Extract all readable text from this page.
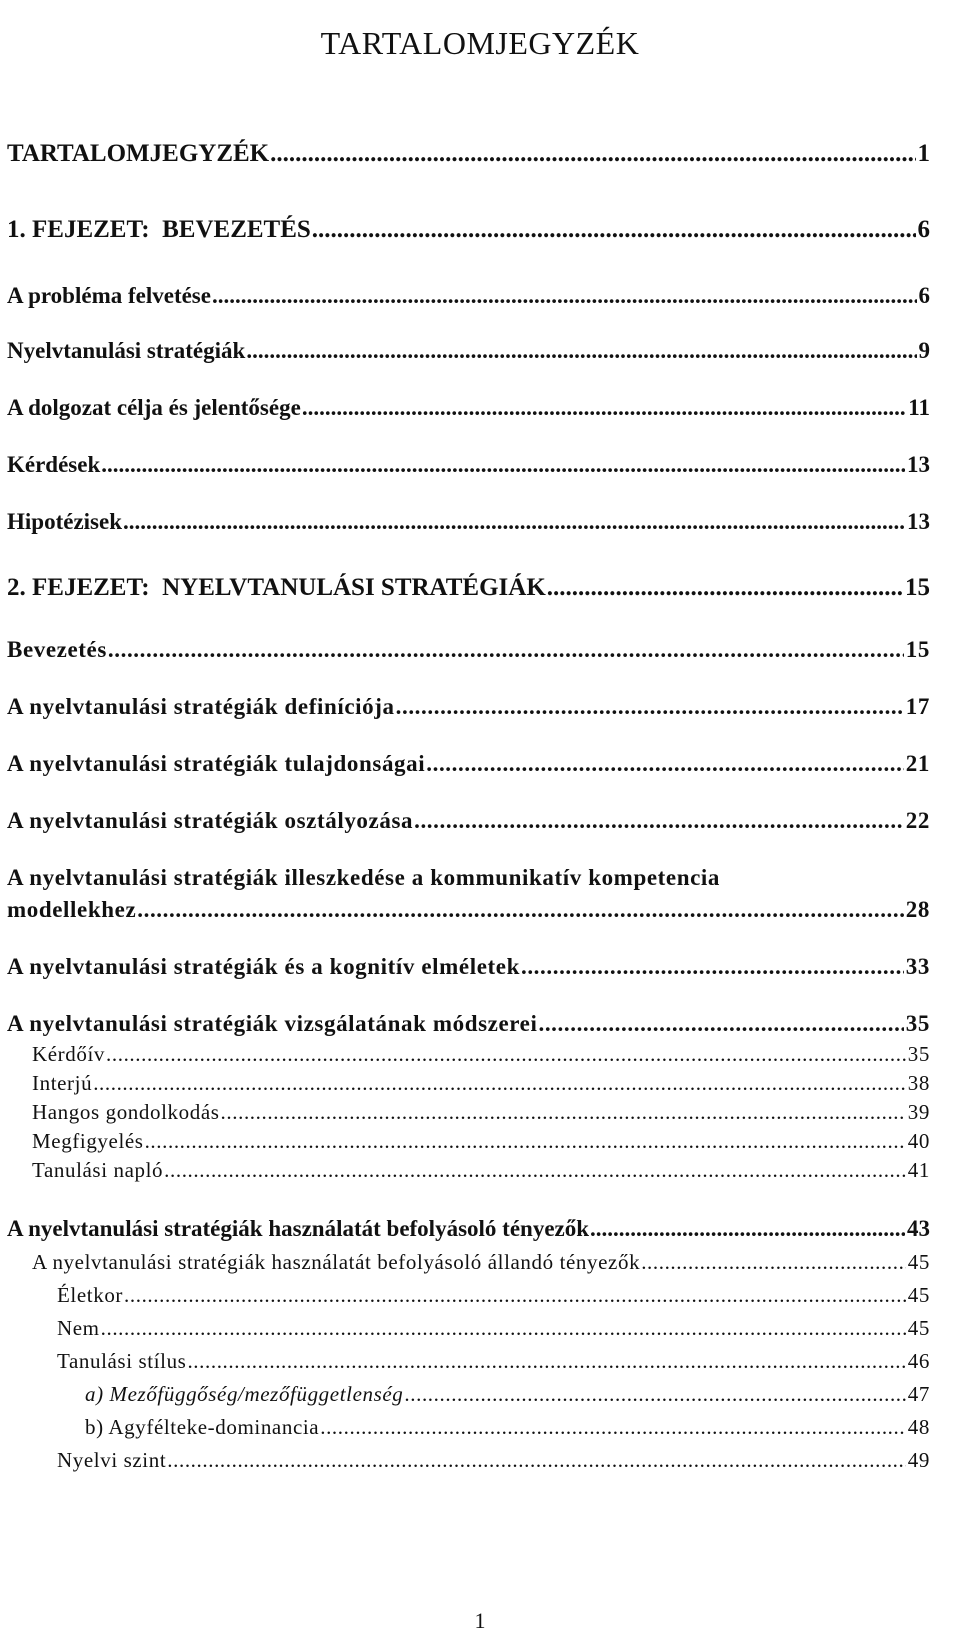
TARTALOMJEGYZÉK
TARTALOMJEGYZÉK .....	1
1. FEJEZET:  BEVEZETÉS .....	6
A probléma felvetése .....	6
Nyelvtanulási stratégiák .....	9
A dolgozat célja és jelentősége .....	11
Kérdések .....	13
Hipotézisek .....	13
2. FEJEZET:  NYELVTANULÁSI STRATÉGIÁK .....	15
Bevezetés .....	15
A nyelvtanulási stratégiák definíciója .....	17
A nyelvtanulási stratégiák tulajdonságai .....	21
A nyelvtanulási stratégiák osztályozása .....	22
A nyelvtanulási stratégiák illeszkedése a kommunikatív kompetencia
modellekhez .....	28
A nyelvtanulási stratégiák és a kognitív elméletek .....	33
A nyelvtanulási stratégiák vizsgálatának módszerei .....	35
Kérdőív .....	35
Interjú .....	38
Hangos gondolkodás .....	39
Megfigyelés .....	40
Tanulási napló .....	41
A nyelvtanulási stratégiák használatát befolyásoló tényezők .....	43
A nyelvtanulási stratégiák használatát befolyásoló állandó tényezők .....	45
Életkor .....	45
Nem .....	45
Tanulási stílus .....	46
a) Mezőfüggőség/mezőfüggetlenség .....	47
b) Agyfélteke-dominancia .....	48
Nyelvi szint .....	49
1
